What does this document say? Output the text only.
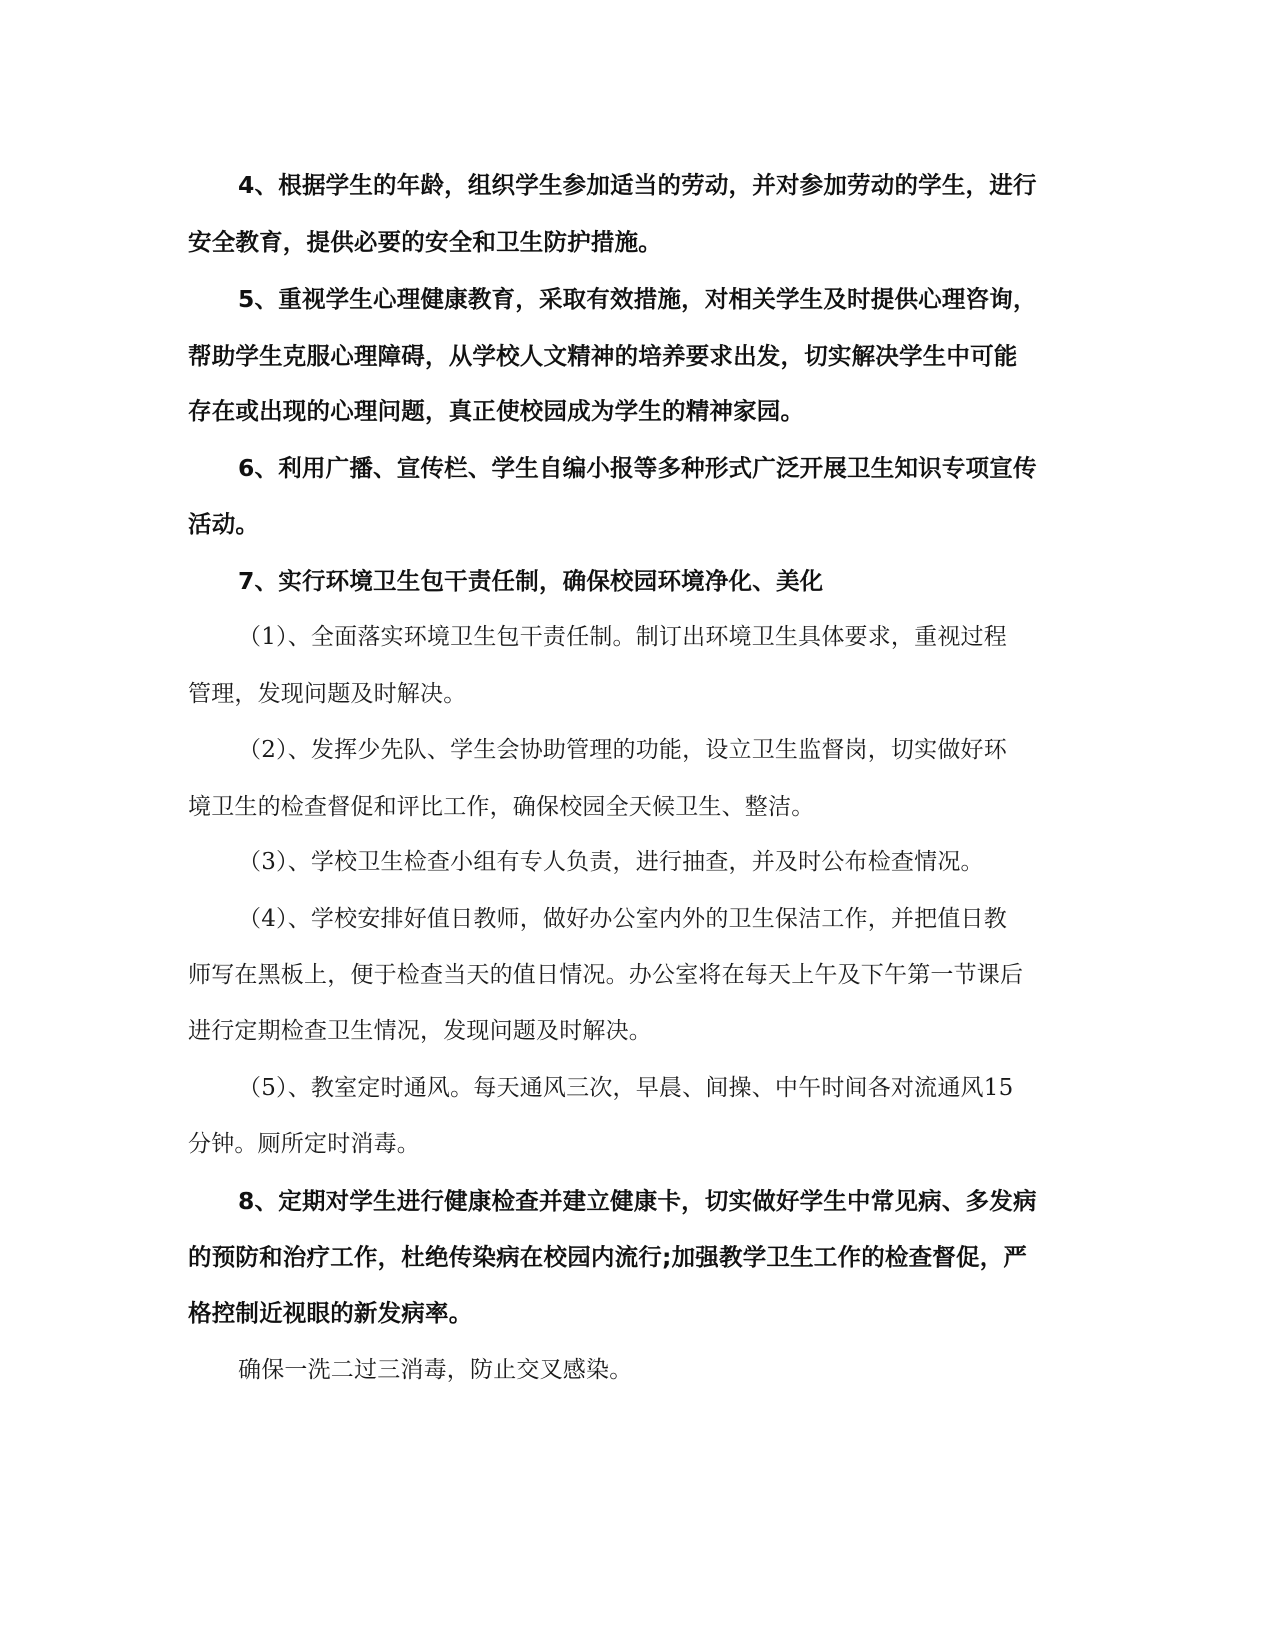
4、根据学生的年龄，组织学生参加适当的劳动，并对参加劳动的学生，进行
安全教育，提供必要的安全和卫生防护措施。
5、重视学生心理健康教育，采取有效措施，对相关学生及时提供心理咨询，
帮助学生克服心理障碍，从学校人文精神的培养要求出发，切实解决学生中可能
存在或出现的心理问题，真正使校园成为学生的精神家园。
6、利用广播、宣传栏、学生自编小报等多种形式广泛开展卫生知识专项宣传
活动。
7、实行环境卫生包干责任制，确保校园环境净化、美化
（1）、全面落实环境卫生包干责任制。制订出环境卫生具体要求，重视过程
管理，发现问题及时解决。
（2）、发挥少先队、学生会协助管理的功能，设立卫生监督岗，切实做好环
境卫生的检查督促和评比工作，确保校园全天候卫生、整洁。
（3）、学校卫生检查小组有专人负责，进行抽查，并及时公布检查情况。
（4）、学校安排好值日教师，做好办公室内外的卫生保洁工作，并把值日教
师写在黑板上，便于检查当天的值日情况。办公室将在每天上午及下午第一节课后
进行定期检查卫生情况，发现问题及时解决。
（5）、教室定时通风。每天通风三次，早晨、间操、中午时间各对流通风15
分钟。厕所定时消毒。
8、定期对学生进行健康检查并建立健康卡，切实做好学生中常见病、多发病
的预防和治疗工作，杜绝传染病在校园内流行;加强教学卫生工作的检查督促，严
格控制近视眼的新发病率。
确保一洗二过三消毒，防止交叉感染。
